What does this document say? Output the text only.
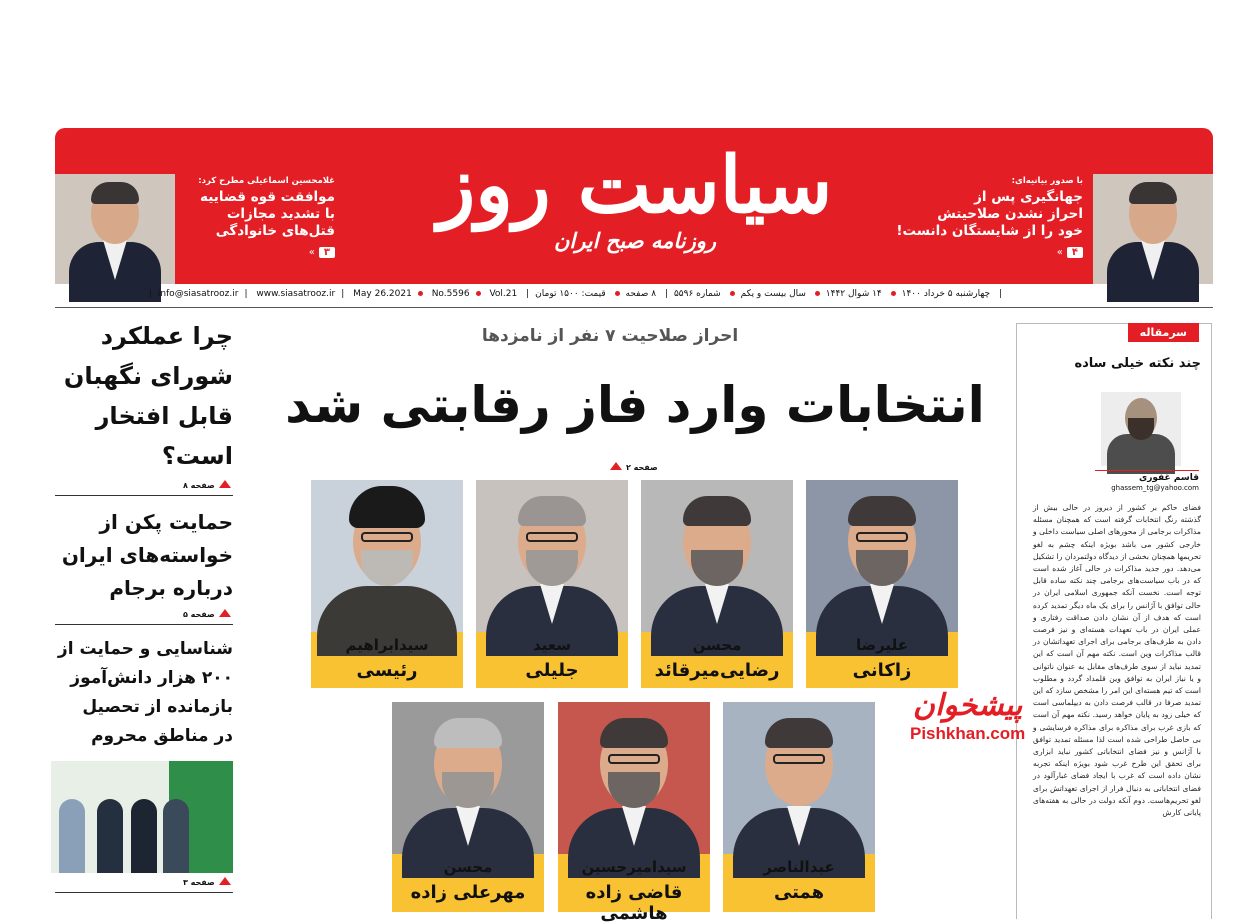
با صدور بیانیه‌ای:
جهانگیری پس از
احراز نشدن صلاحیتش
خود را از شایستگان دانست!
۴»
سیاست روز
روزنامه صبح ایران
غلامحسین اسماعیلی مطرح کرد:
موافقت قوه قضاییه
با تشدید مجازات
قتل‌های خانوادگی
۳»
| چهارشنبه ۵ خرداد ۱۴۰۰ ۱۴ شوال ۱۴۴۲ سال بیست و یکم شماره ۵۵۹۶| ۸ صفحه قیمت: ۱۵۰۰ تومان| info@siasatrooz.ir | www.siasatrooz.ir | May 26.2021 No.5596 Vol.21|
سرمقاله
چند نکته خیلی ساده
قاسم غفوری
ghassem_tg@yahoo.com
فضای حاکم بر کشور از دیروز در حالی بیش از گذشته رنگ انتخابات گرفته است که همچنان مسئله مذاکرات برجامی از محورهای اصلی سیاست داخلی و خارجی کشور می باشد بویژه اینکه چشم به لغو تحریمها همچنان بخشی از دیدگاه دولتمردان را تشکیل می‌دهد. دور جدید مذاکرات در حالی آغاز شده است که در باب سیاست‌های برجامی چند نکته ساده قابل توجه است. نخست آنکه جمهوری اسلامی ایران در حالی توافق با آژانس را برای یک ماه دیگر تمدید کرده است که هدف از آن نشان دادن صداقت رفتاری و عملی ایران در باب تعهدات هسته‌ای و نیز فرصت دادن به طرف‌های برجامی برای اجرای تعهداتشان در قالب مذاکرات وین است. نکته مهم آن است که این تمدید نباید از سوی طرف‌های مقابل به عنوان ناتوانی و یا نیاز ایران به توافق وین قلمداد گردد و مطلوب است که تیم هسته‌ای این امر را مشخص سازد که این تمدید صرفا در قالب فرصت دادن به دیپلماسی است که خیلی زود به پایان خواهد رسید. نکته مهم آن است که بازی غرب برای مذاکره برای مذاکره فرسایشی و بی حاصل طراحی شده است لذا مسئله تمدید توافق با آژانس و نیز فضای انتخاباتی کشور نباید ابزاری برای تحقق این طرح غرب شود بویژه اینکه تجربه نشان داده است که غرب با ایجاد فضای غبارآلود در فضای انتخاباتی به دنبال فرار از اجرای تعهداتش برای لغو تحریم‌هاست. دوم آنکه دولت در حالی به هفته‌های پایانی کارش
پیشخوان
Pishkhan.com
چرا عملکرد
شورای نگهبان
قابل افتخار
است؟
صفحه ۸
حمایت پکن از
خواسته‌های ایران
درباره برجام
صفحه ۵
شناسایی و حمایت از
۲۰۰ هزار دانش‌آموز
بازمانده از تحصیل
در مناطق محروم
صفحه ۳
احراز صلاحیت ۷ نفر از نامزدها
انتخابات وارد فاز رقابتی شد
صفحه ۲
علیرضا
زاکانی
محسن
رضایی‌میرقائد
سعید
جلیلی
سیدابراهیم
رئیسی
عبدالناصر
همتی
سیدامیرحسین
قاضی زاده هاشمی
محسن
مهرعلی زاده
